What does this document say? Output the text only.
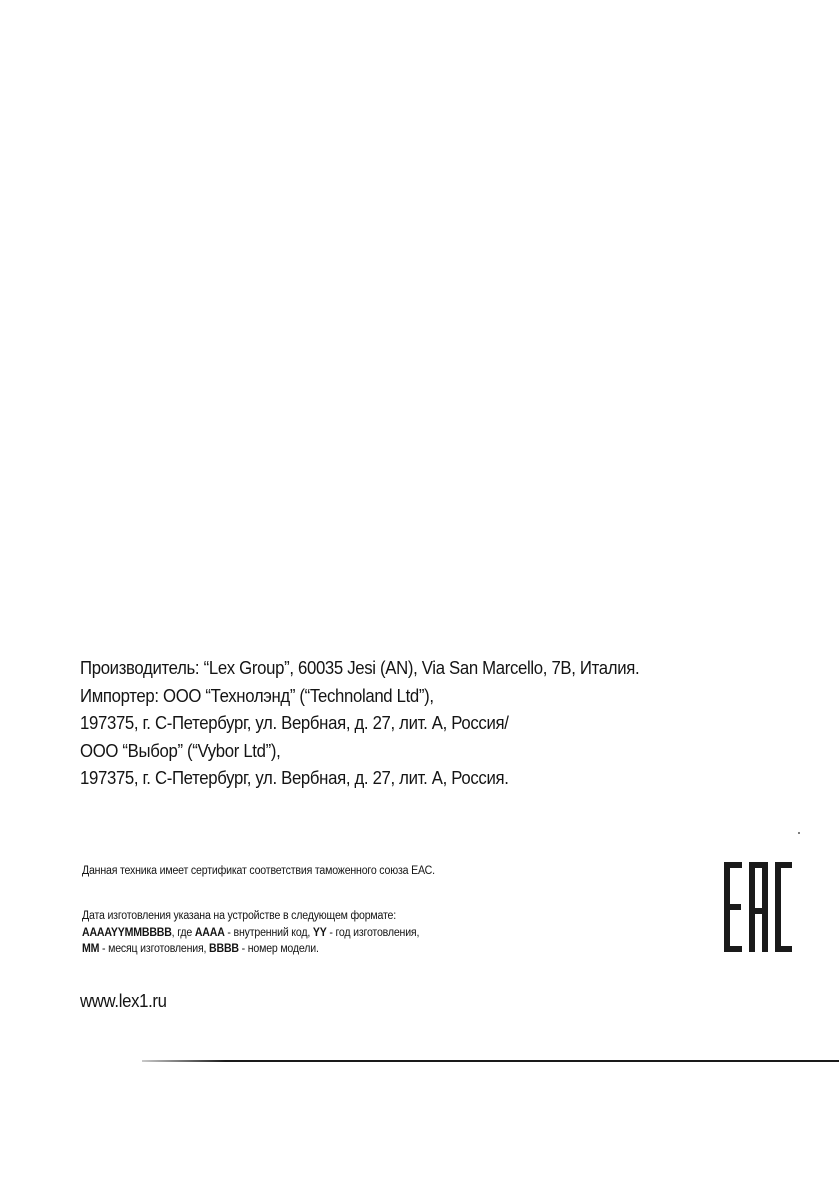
Производитель: “Lex Group”, 60035 Jesi (AN), Via San Marcello, 7B, Италия.
Импортер: ООО “Технолэнд” (“Technoland Ltd”),
197375, г. С-Петербург, ул. Вербная, д. 27, лит. А, Россия/
ООО “Выбор” (“Vybor Ltd”),
197375, г. С-Петербург, ул. Вербная, д. 27, лит. А, Россия.
Данная техника имеет сертификат соответствия таможенного союза ЕАС.
Дата изготовления указана на устройстве в следующем формате:
AAAAYYMMBBBB, где AAAA - внутренний код, YY - год изготовления,
MM - месяц изготовления, BBBB - номер модели.
www.lex1.ru
